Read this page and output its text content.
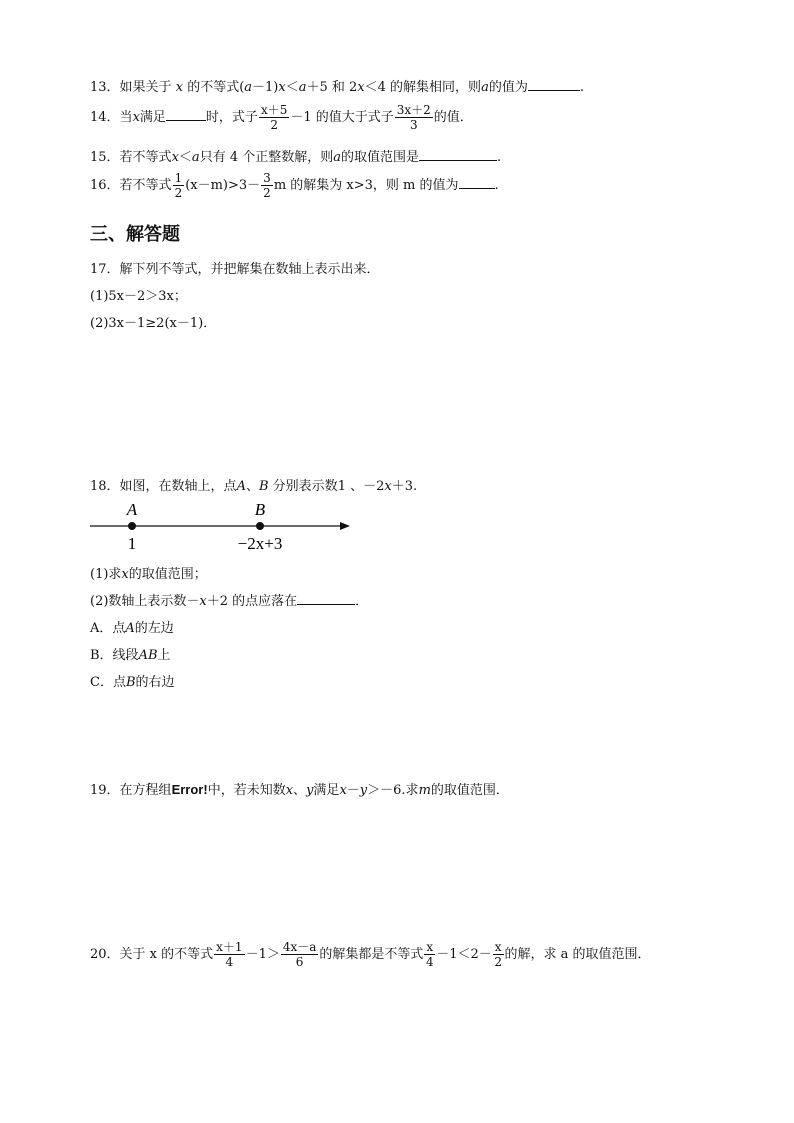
13．如果关于 x 的不等式(a－1)x＜a＋5 和 2x＜4 的解集相同，则a的值为	.
14．当x满足	时，式子 $\frac{x+5}{2} -1$ 的值大于式子 $\frac{3x+2}{3}$ 的值．
15．若不等式x＜a只有 4 个正整数解，则a的取值范围是	.
16．若不等式 $\frac{1}{2} (x-m)>3- \frac{3}{2}$ m 的解集为 x>3，则 m 的值为	.
三、解答题
17．解下列不等式，并把解集在数轴上表示出来．
(1)5x－2＞3x；
(2)3x－1≥2(x－1)．
18．如图，在数轴上，点A、B 分别表示数1 、－2x＋3.
A	B
1	−2x+3
(1)求x的取值范围；
(2)数轴上表示数－x＋2 的点应落在	．
A．点A的左边
B．线段AB上
C．点B的右边
19．在方程组Error!中，若未知数x、y满足x－y＞－6.求m的取值范围．
20．关于 x 的不等式 $\frac{x+1}{4} -1> \frac{4x-a}{6}$ 的解集都是不等式 $\frac{x}{4} -1<2- \frac{x}{2}$ 的解，求 a 的取值范围．
